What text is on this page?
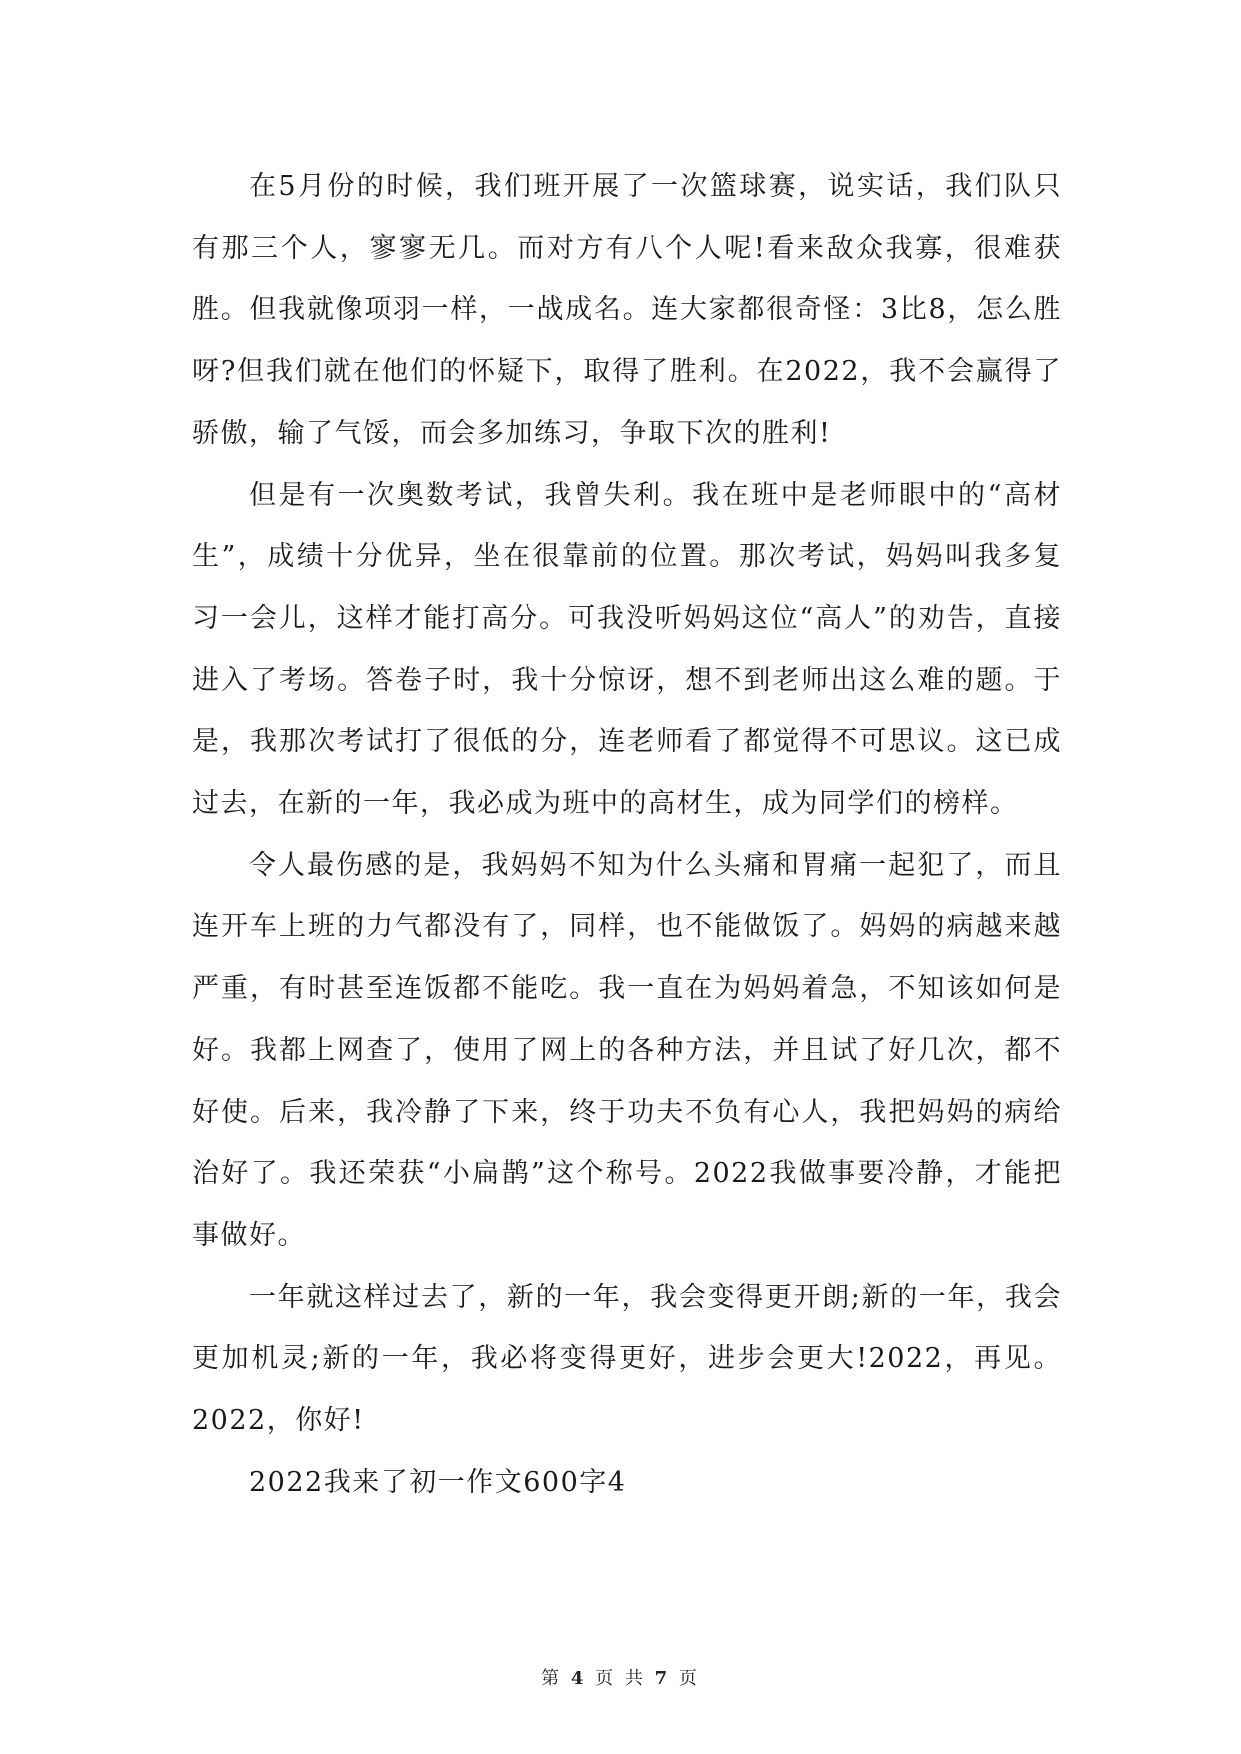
在5月份的时候，我们班开展了一次篮球赛，说实话，我们队只有那三个人，寥寥无几。而对方有八个人呢!看来敌众我寡，很难获胜。但我就像项羽一样，一战成名。连大家都很奇怪：3比8，怎么胜呀?但我们就在他们的怀疑下，取得了胜利。在2022，我不会赢得了骄傲，输了气馁，而会多加练习，争取下次的胜利!

但是有一次奥数考试，我曾失利。我在班中是老师眼中的“高材生”，成绩十分优异，坐在很靠前的位置。那次考试，妈妈叫我多复习一会儿，这样才能打高分。可我没听妈妈这位“高人”的劝告，直接进入了考场。答卷子时，我十分惊讶，想不到老师出这么难的题。于是，我那次考试打了很低的分，连老师看了都觉得不可思议。这已成过去，在新的一年，我必成为班中的高材生，成为同学们的榜样。

令人最伤感的是，我妈妈不知为什么头痛和胃痛一起犯了，而且连开车上班的力气都没有了，同样，也不能做饭了。妈妈的病越来越严重，有时甚至连饭都不能吃。我一直在为妈妈着急，不知该如何是好。我都上网查了，使用了网上的各种方法，并且试了好几次，都不好使。后来，我冷静了下来，终于功夫不负有心人，我把妈妈的病给治好了。我还荣获“小扁鹊”这个称号。2022我做事要冷静，才能把事做好。

一年就这样过去了，新的一年，我会变得更开朗;新的一年，我会更加机灵;新的一年，我必将变得更好，进步会更大!2022，再见。2022，你好!

2022我来了初一作文600字4

第 4 页 共 7 页
